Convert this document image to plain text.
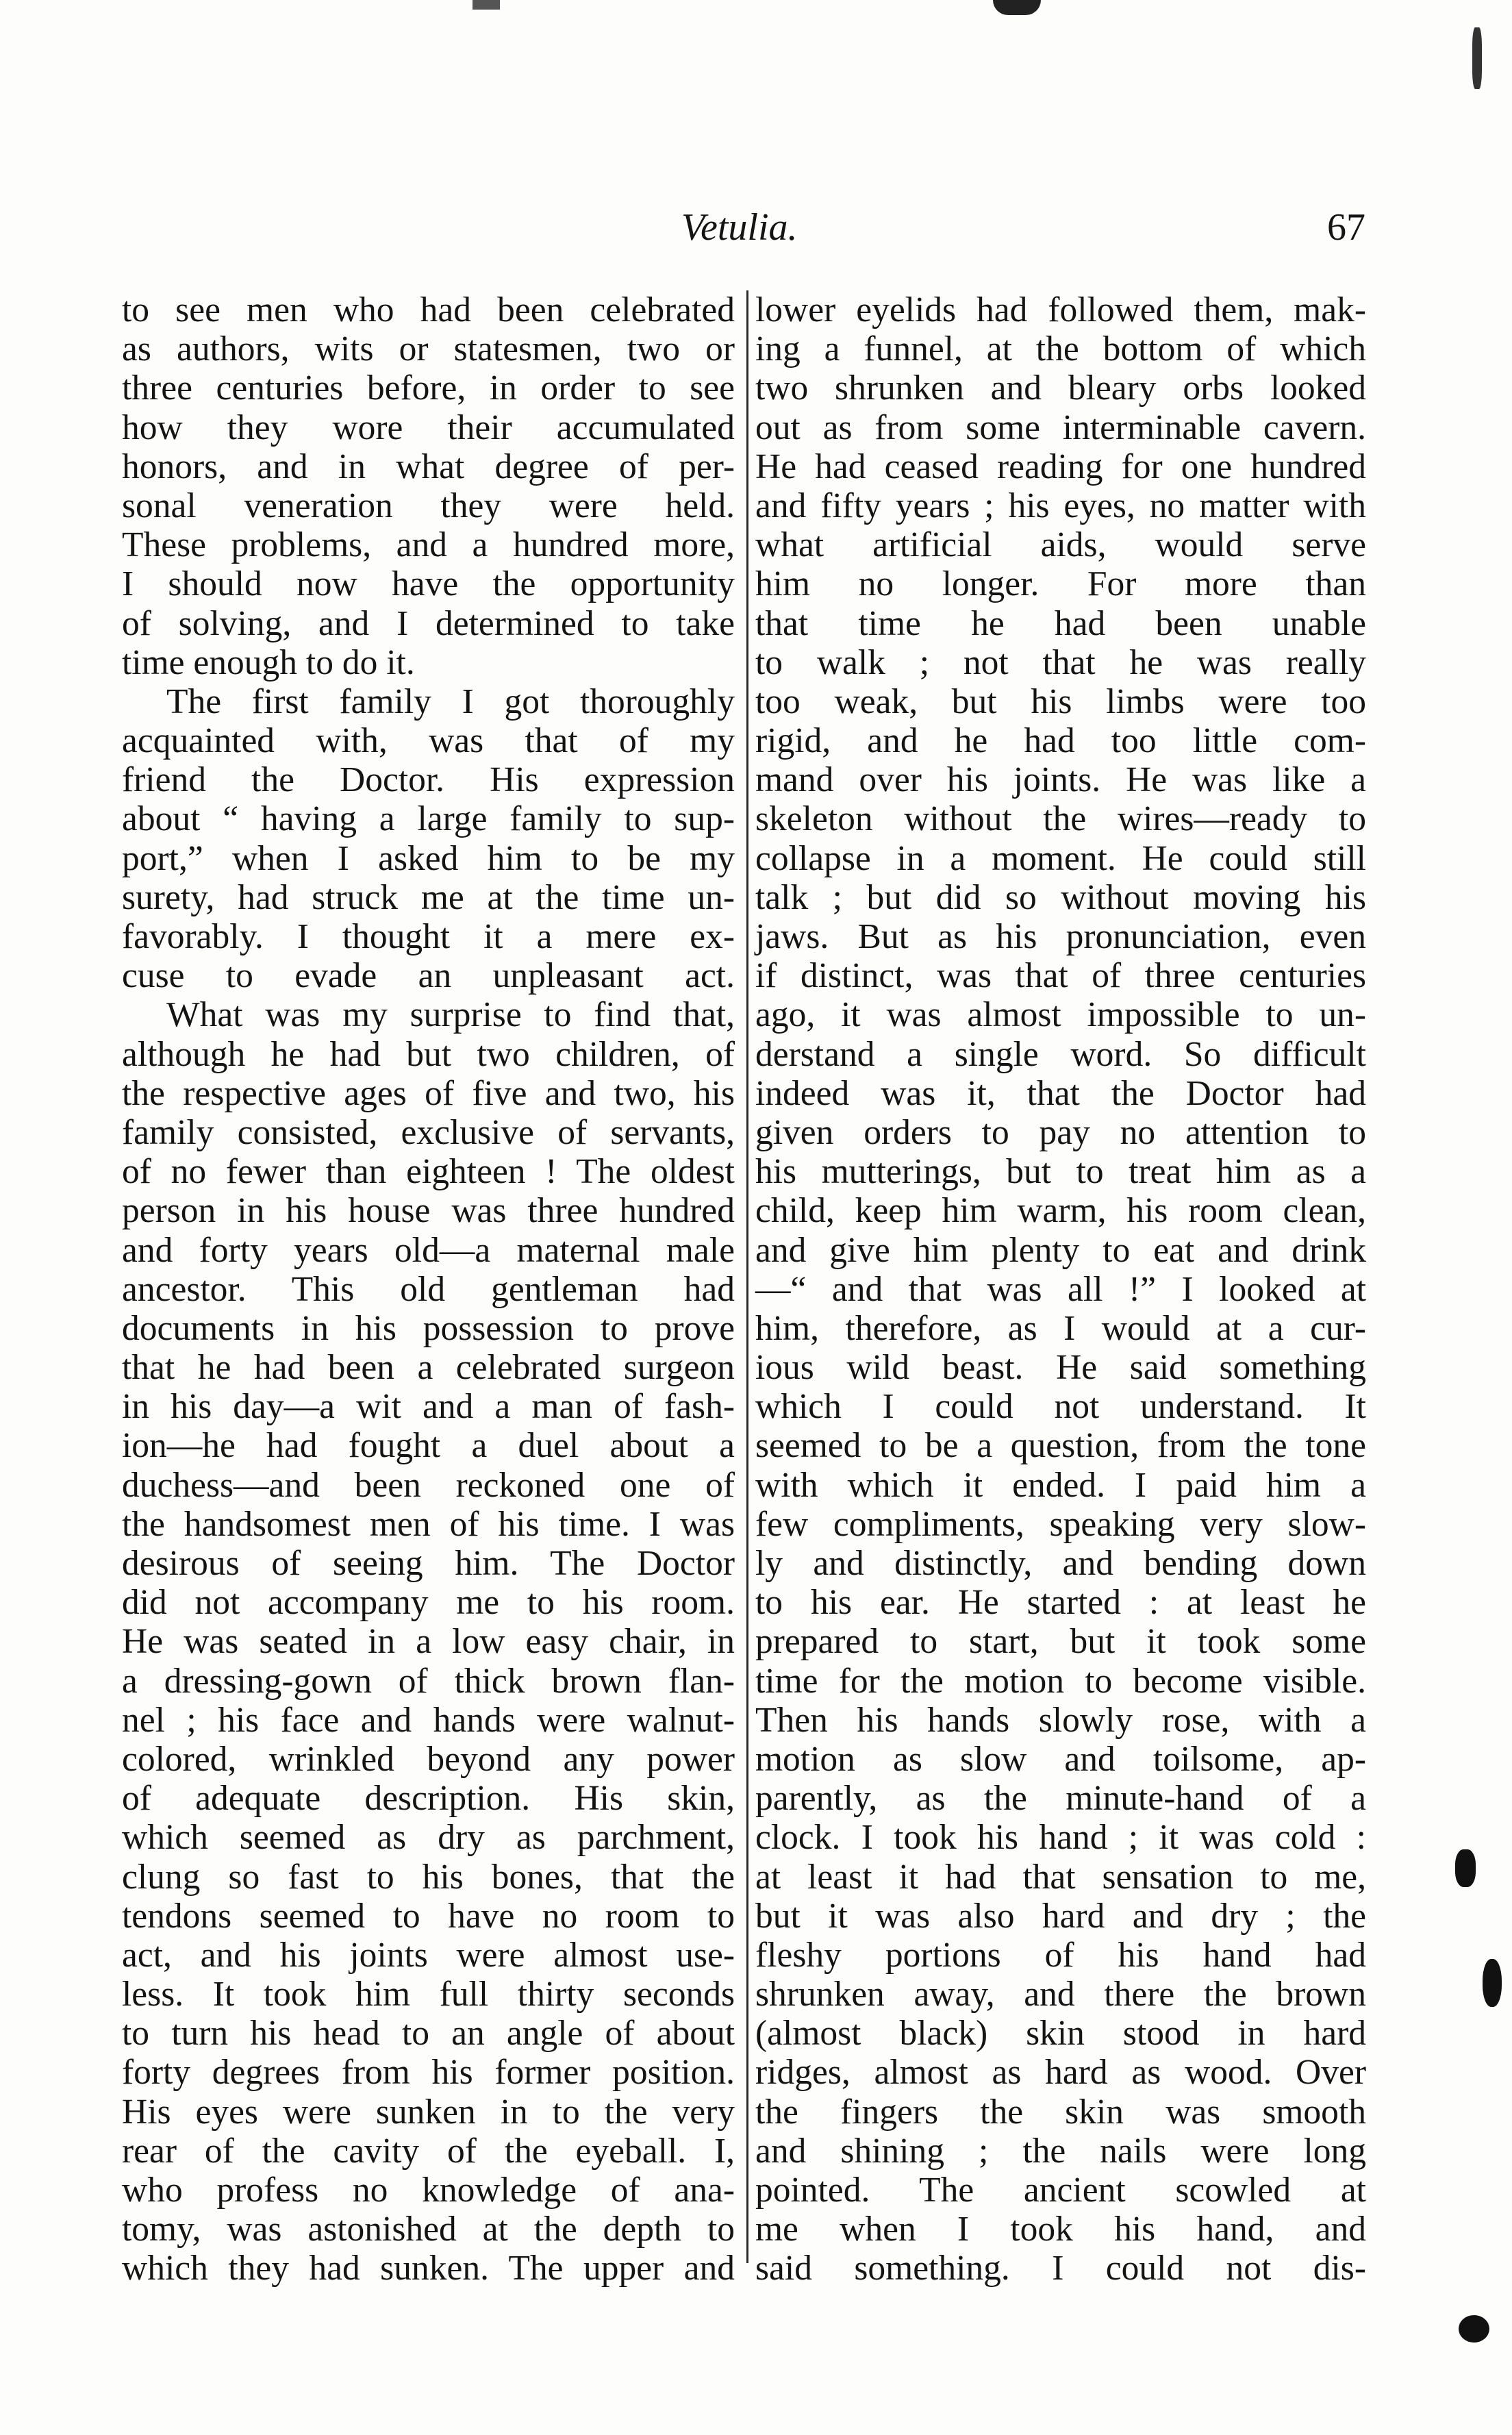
Vetulia.	67
to see men who had been celebrated
as authors, wits or statesmen, two or
three centuries before, in order to see
how they wore their accumulated
honors, and in what degree of per-
sonal veneration they were held.
These problems, and a hundred more,
I should now have the opportunity
of solving, and I determined to take
time enough to do it.
The first family I got thoroughly
acquainted with, was that of my
friend the Doctor. His expression
about “ having a large family to sup-
port,” when I asked him to be my
surety, had struck me at the time un-
favorably. I thought it a mere ex-
cuse to evade an unpleasant act.
What was my surprise to find that,
although he had but two children, of
the respective ages of five and two, his
family consisted, exclusive of servants,
of no fewer than eighteen ! The oldest
person in his house was three hundred
and forty years old—a maternal male
ancestor. This old gentleman had
documents in his possession to prove
that he had been a celebrated surgeon
in his day—a wit and a man of fash-
ion—he had fought a duel about a
duchess—and been reckoned one of
the handsomest men of his time. I was
desirous of seeing him. The Doctor
did not accompany me to his room.
He was seated in a low easy chair, in
a dressing-gown of thick brown flan-
nel ; his face and hands were walnut-
colored, wrinkled beyond any power
of adequate description. His skin,
which seemed as dry as parchment,
clung so fast to his bones, that the
tendons seemed to have no room to
act, and his joints were almost use-
less. It took him full thirty seconds
to turn his head to an angle of about
forty degrees from his former position.
His eyes were sunken in to the very
rear of the cavity of the eyeball. I,
who profess no knowledge of ana-
tomy, was astonished at the depth to
which they had sunken. The upper and
lower eyelids had followed them, mak-
ing a funnel, at the bottom of which
two shrunken and bleary orbs looked
out as from some interminable cavern.
He had ceased reading for one hundred
and fifty years ; his eyes, no matter with
what artificial aids, would serve
him no longer. For more than
that time he had been unable
to walk ; not that he was really
too weak, but his limbs were too
rigid, and he had too little com-
mand over his joints. He was like a
skeleton without the wires—ready to
collapse in a moment. He could still
talk ; but did so without moving his
jaws. But as his pronunciation, even
if distinct, was that of three centuries
ago, it was almost impossible to un-
derstand a single word. So difficult
indeed was it, that the Doctor had
given orders to pay no attention to
his mutterings, but to treat him as a
child, keep him warm, his room clean,
and give him plenty to eat and drink
—“ and that was all !” I looked at
him, therefore, as I would at a cur-
ious wild beast. He said something
which I could not understand. It
seemed to be a question, from the tone
with which it ended. I paid him a
few compliments, speaking very slow-
ly and distinctly, and bending down
to his ear. He started : at least he
prepared to start, but it took some
time for the motion to become visible.
Then his hands slowly rose, with a
motion as slow and toilsome, ap-
parently, as the minute-hand of a
clock. I took his hand ; it was cold :
at least it had that sensation to me,
but it was also hard and dry ; the
fleshy portions of his hand had
shrunken away, and there the brown
(almost black) skin stood in hard
ridges, almost as hard as wood. Over
the fingers the skin was smooth
and shining ; the nails were long
pointed. The ancient scowled at
me when I took his hand, and
said something. I could not dis-
